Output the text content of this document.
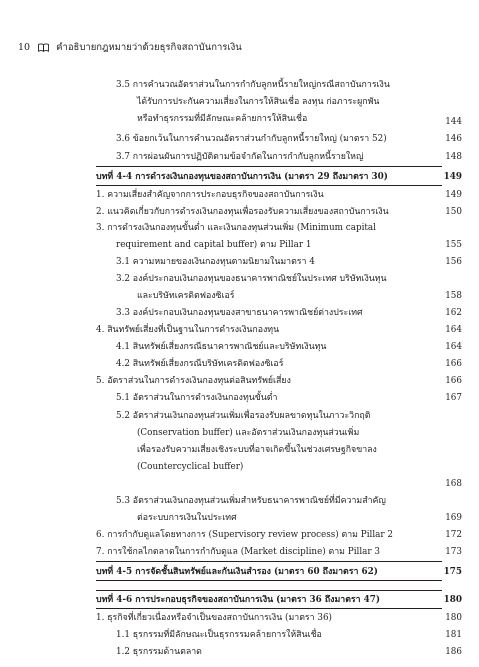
10	คำอธิบายกฎหมายว่าด้วยธุรกิจสถาบันการเงิน
3.5 การคำนวณอัตราส่วนในการกำกับลูกหนี้รายใหญ่กรณีสถาบันการเงิน
ได้รับการประกันความเสี่ยงในการให้สินเชื่อ ลงทุน ก่อภาระผูกพัน
หรือทำธุรกรรมที่มีลักษณะคล้ายการให้สินเชื่อ	144
3.6 ข้อยกเว้นในการคำนวณอัตราส่วนกำกับลูกหนี้รายใหญ่ (มาตรา 52)	146
3.7 การผ่อนผันการปฏิบัติตามข้อจำกัดในการกำกับลูกหนี้รายใหญ่	148
บทที่ 4-4 การดำรงเงินกองทุนของสถาบันการเงิน (มาตรา 29 ถึงมาตรา 30)	149
1. ความเสี่ยงสำคัญจากการประกอบธุรกิจของสถาบันการเงิน	149
2. แนวคิดเกี่ยวกับการดำรงเงินกองทุนเพื่อรองรับความเสี่ยงของสถาบันการเงิน	150
3. การดำรงเงินกองทุนขั้นต่ำ และเงินกองทุนส่วนเพิ่ม (Minimum capital
requirement and capital buffer) ตาม Pillar 1	155
3.1 ความหมายของเงินกองทุนตามนิยามในมาตรา 4	156
3.2 องค์ประกอบเงินกองทุนของธนาคารพาณิชย์ในประเทศ บริษัทเงินทุน
และบริษัทเครดิตฟองซิเอร์	158
3.3 องค์ประกอบเงินกองทุนของสาขาธนาคารพาณิชย์ต่างประเทศ	162
4. สินทรัพย์เสี่ยงที่เป็นฐานในการดำรงเงินกองทุน	164
4.1 สินทรัพย์เสี่ยงกรณีธนาคารพาณิชย์และบริษัทเงินทุน	164
4.2 สินทรัพย์เสี่ยงกรณีบริษัทเครดิตฟองซิเอร์	166
5. อัตราส่วนในการดำรงเงินกองทุนต่อสินทรัพย์เสี่ยง	166
5.1 อัตราส่วนในการดำรงเงินกองทุนขั้นต่ำ	167
5.2 อัตราส่วนเงินกองทุนส่วนเพิ่มเพื่อรองรับผลขาดทุนในภาวะวิกฤติ
(Conservation buffer) และอัตราส่วนเงินกองทุนส่วนเพิ่ม
เพื่อรองรับความเสี่ยงเชิงระบบที่อาจเกิดขึ้นในช่วงเศรษฐกิจขาลง
(Countercyclical buffer)
168
5.3 อัตราส่วนเงินกองทุนส่วนเพิ่มสำหรับธนาคารพาณิชย์ที่มีความสำคัญ
ต่อระบบการเงินในประเทศ	169
6. การกำกับดูแลโดยทางการ (Supervisory review process) ตาม Pillar 2	172
7. การใช้กลไกตลาดในการกำกับดูแล (Market discipline) ตาม Pillar 3	173
บทที่ 4-5 การจัดชั้นสินทรัพย์และกันเงินสำรอง (มาตรา 60 ถึงมาตรา 62)	175
บทที่ 4-6 การประกอบธุรกิจของสถาบันการเงิน (มาตรา 36 ถึงมาตรา 47)	180
1. ธุรกิจที่เกี่ยวเนื่องหรือจำเป็นของสถาบันการเงิน (มาตรา 36)	180
1.1 ธุรกรรมที่มีลักษณะเป็นธุรกรรมคล้ายการให้สินเชื่อ	181
1.2 ธุรกรรมด้านตลาด	186
